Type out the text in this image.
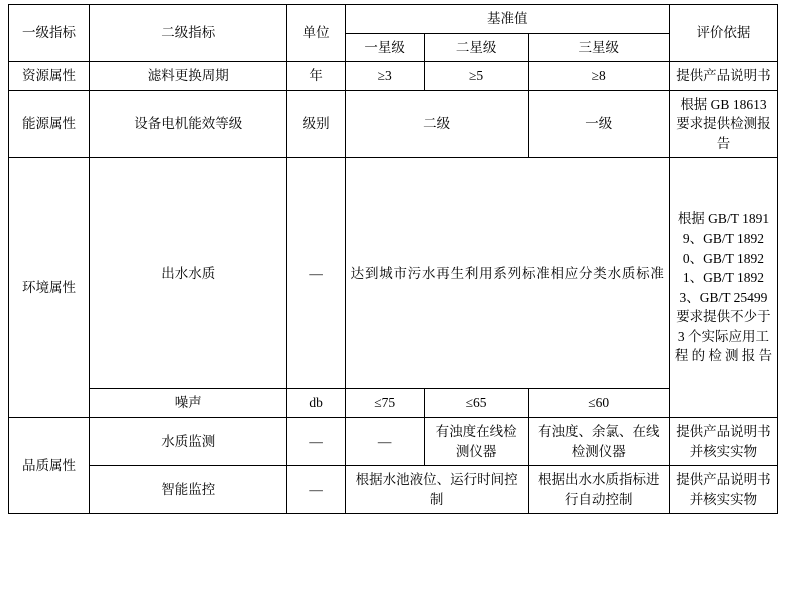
一级指标	二级指标	单位	基准值			评价依据
			一星级	二星级	三星级	
资源属性	滤料更换周期	年	≥3	≥5	≥8	提供产品说明书
能源属性	设备电机能效等级	级别	二级		一级	根据 GB 18613 要求提供检测报告
环境属性	出水水质	—	达到城市污水再生利用系列标准相应分类水质标准			根据 GB/T 18919、GB/T 18920、GB/T 18921、GB/T 18923、GB/T 25499 要求提供不少于 3 个实际应用工程的检测报告
	噪声	db	≤75	≤65	≤60	
品质属性	水质监测	—	—	有浊度在线检测仪器	有浊度、余氯、在线检测仪器	提供产品说明书并核实实物
	智能监控	—	根据水池液位、运行时间控制		根据出水水质指标进行自动控制	提供产品说明书并核实实物
